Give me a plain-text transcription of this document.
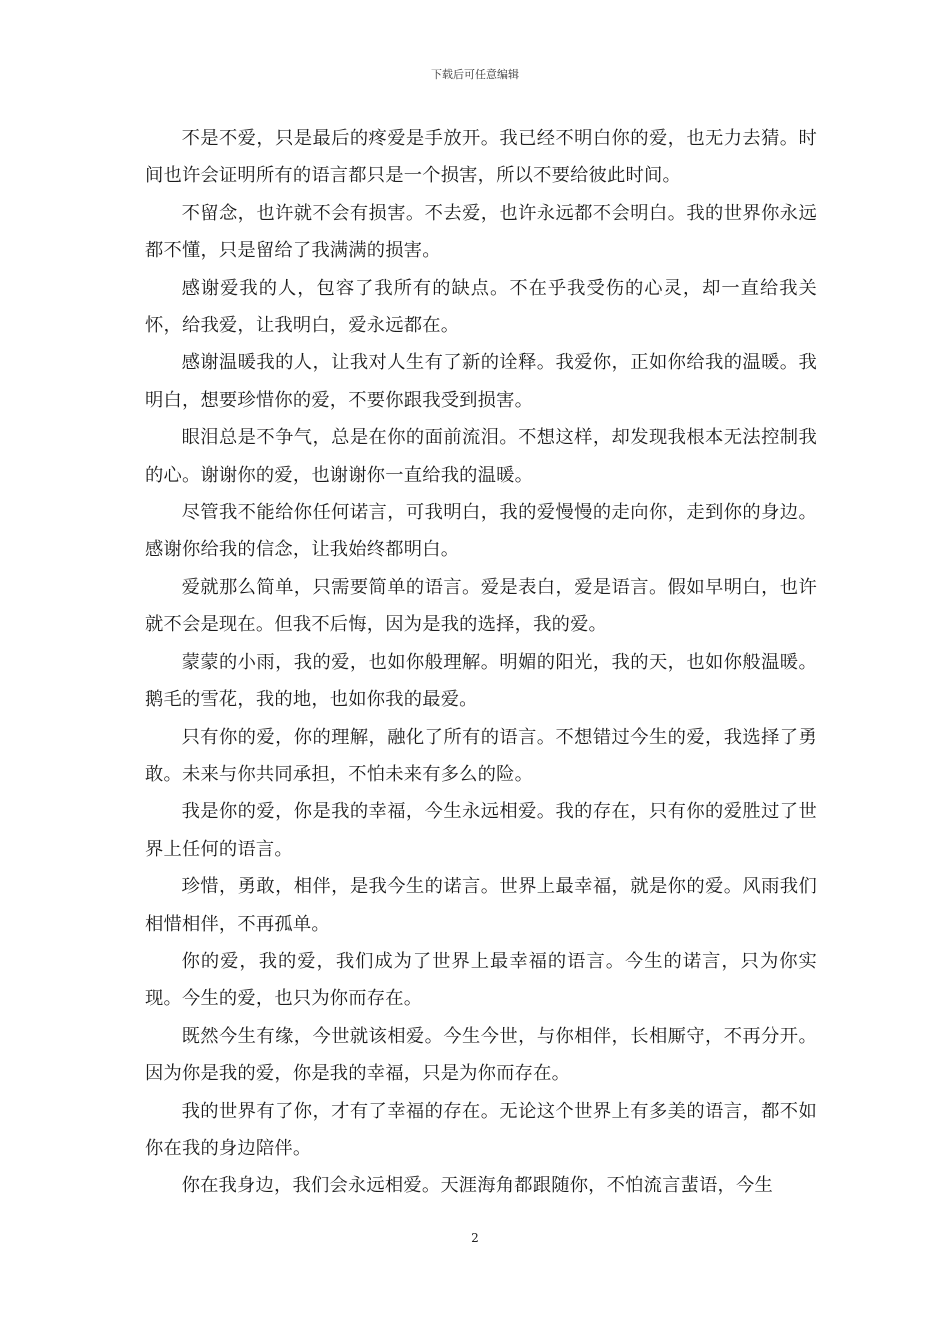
下载后可任意编辑

不是不爱，只是最后的疼爱是手放开。我已经不明白你的爱，也无力去猜。时间也许会证明所有的语言都只是一个损害，所以不要给彼此时间。

不留念，也许就不会有损害。不去爱，也许永远都不会明白。我的世界你永远都不懂，只是留给了我满满的损害。

感谢爱我的人，包容了我所有的缺点。不在乎我受伤的心灵，却一直给我关怀，给我爱，让我明白，爱永远都在。

感谢温暖我的人，让我对人生有了新的诠释。我爱你，正如你给我的温暖。我明白，想要珍惜你的爱，不要你跟我受到损害。

眼泪总是不争气，总是在你的面前流泪。不想这样，却发现我根本无法控制我的心。谢谢你的爱，也谢谢你一直给我的温暖。

尽管我不能给你任何诺言，可我明白，我的爱慢慢的走向你，走到你的身边。感谢你给我的信念，让我始终都明白。

爱就那么简单，只需要简单的语言。爱是表白，爱是语言。假如早明白，也许就不会是现在。但我不后悔，因为是我的选择，我的爱。

蒙蒙的小雨，我的爱，也如你般理解。明媚的阳光，我的天，也如你般温暖。鹅毛的雪花，我的地，也如你我的最爱。

只有你的爱，你的理解，融化了所有的语言。不想错过今生的爱，我选择了勇敢。未来与你共同承担，不怕未来有多么的险。

我是你的爱，你是我的幸福，今生永远相爱。我的存在，只有你的爱胜过了世界上任何的语言。

珍惜，勇敢，相伴，是我今生的诺言。世界上最幸福，就是你的爱。风雨我们相惜相伴，不再孤单。

你的爱，我的爱，我们成为了世界上最幸福的语言。今生的诺言，只为你实现。今生的爱，也只为你而存在。

既然今生有缘，今世就该相爱。今生今世，与你相伴，长相厮守，不再分开。因为你是我的爱，你是我的幸福，只是为你而存在。

我的世界有了你，才有了幸福的存在。无论这个世界上有多美的语言，都不如你在我的身边陪伴。

你在我身边，我们会永远相爱。天涯海角都跟随你，不怕流言蜚语，今生

2
